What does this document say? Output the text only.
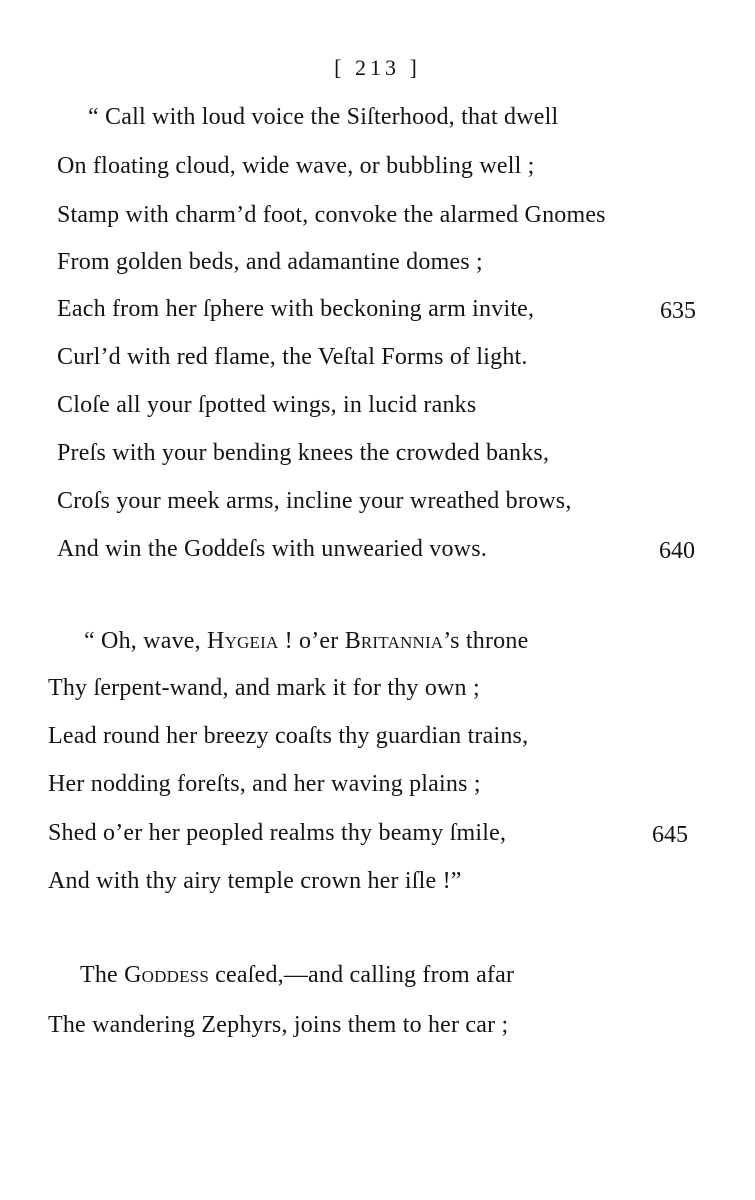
[ 213 ]
“ Call with loud voice the Siſterhood, that dwell
On floating cloud, wide wave, or bubbling well ;
Stamp with charm’d foot, convoke the alarmed Gnomes
From golden beds, and adamantine domes ;
Each from her ſphere with beckoning arm invite,	635
Curl’d with red flame, the Veſtal Forms of light.
Cloſe all your ſpotted wings, in lucid ranks
Preſs with your bending knees the crowded banks,
Croſs your meek arms, incline your wreathed brows,
And win the Goddeſs with unwearied vows.	640
“ Oh, wave, Hygeia ! o’er Britannia’s throne
Thy ſerpent-wand, and mark it for thy own ;
Lead round her breezy coaſts thy guardian trains,
Her nodding foreſts, and her waving plains ;
Shed o’er her peopled realms thy beamy ſmile,	645
And with thy airy temple crown her iſle !”
The Goddess ceaſed,—and calling from afar
The wandering Zephyrs, joins them to her car ;
